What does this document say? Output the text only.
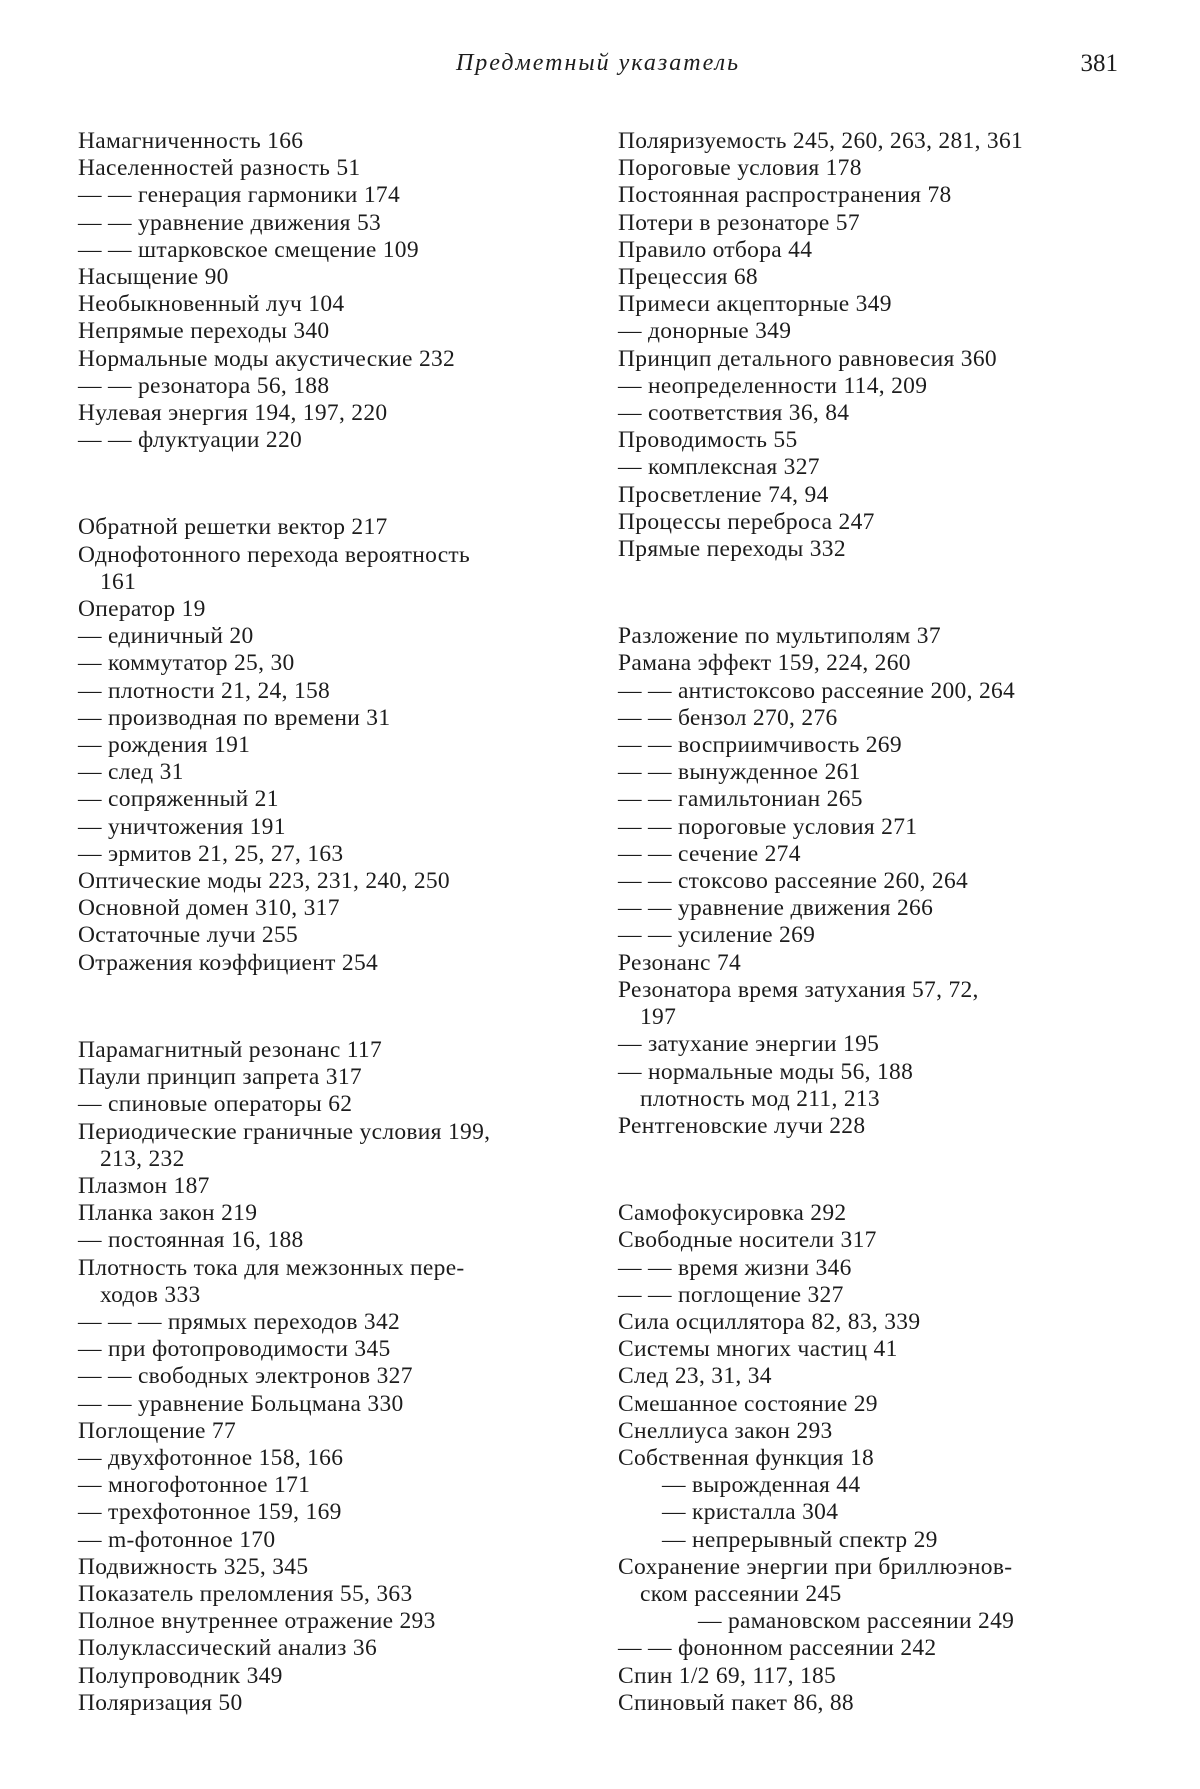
Предметный указатель	381
Намагниченность 166
Населенностей разность 51
— — генерация гармоники 174
— — уравнение движения 53
— — штарковское смещение 109
Насыщение 90
Необыкновенный луч 104
Непрямые переходы 340
Нормальные моды акустические 232
— — резонатора 56, 188
Нулевая энергия 194, 197, 220
— — флуктуации 220
Обратной решетки вектор 217
Однофотонного перехода вероятность
161
Оператор 19
— единичный 20
— коммутатор 25, 30
— плотности 21, 24, 158
— производная по времени 31
— рождения 191
— след 31
— сопряженный 21
— уничтожения 191
— эрмитов 21, 25, 27, 163
Оптические моды 223, 231, 240, 250
Основной домен 310, 317
Остаточные лучи 255
Отражения коэффициент 254
Парамагнитный резонанс 117
Паули принцип запрета 317
— спиновые операторы 62
Периодические граничные условия 199,
213, 232
Плазмон 187
Планка закон 219
— постоянная 16, 188
Плотность тока для межзонных пере-
ходов 333
— — — прямых переходов 342
— при фотопроводимости 345
— — свободных электронов 327
— — уравнение Больцмана 330
Поглощение 77
— двухфотонное 158, 166
— многофотонное 171
— трехфотонное 159, 169
— m-фотонное 170
Подвижность 325, 345
Показатель преломления 55, 363
Полное внутреннее отражение 293
Полуклассический анализ 36
Полупроводник 349
Поляризация 50
Поляризуемость 245, 260, 263, 281, 361
Пороговые условия 178
Постоянная распространения 78
Потери в резонаторе 57
Правило отбора 44
Прецессия 68
Примеси акцепторные 349
— донорные 349
Принцип детального равновесия 360
— неопределенности 114, 209
— соответствия 36, 84
Проводимость 55
— комплексная 327
Просветление 74, 94
Процессы переброса 247
Прямые переходы 332
Разложение по мультиполям 37
Рамана эффект 159, 224, 260
— — антистоксово рассеяние 200, 264
— — бензол 270, 276
— — восприимчивость 269
— — вынужденное 261
— — гамильтониан 265
— — пороговые условия 271
— — сечение 274
— — стоксово рассеяние 260, 264
— — уравнение движения 266
— — усиление 269
Резонанс 74
Резонатора время затухания 57, 72,
197
— затухание энергии 195
— нормальные моды 56, 188
плотность мод 211, 213
Рентгеновские лучи 228
Самофокусировка 292
Свободные носители 317
— — время жизни 346
— — поглощение 327
Сила осциллятора 82, 83, 339
Системы многих частиц 41
След 23, 31, 34
Смешанное состояние 29
Снеллиуса закон 293
Собственная функция 18
— вырожденная 44
— кристалла 304
— непрерывный спектр 29
Сохранение энергии при бриллюэнов-
ском рассеянии 245
— рамановском рассеянии 249
— — фононном рассеянии 242
Спин 1/2 69, 117, 185
Спиновый пакет 86, 88
